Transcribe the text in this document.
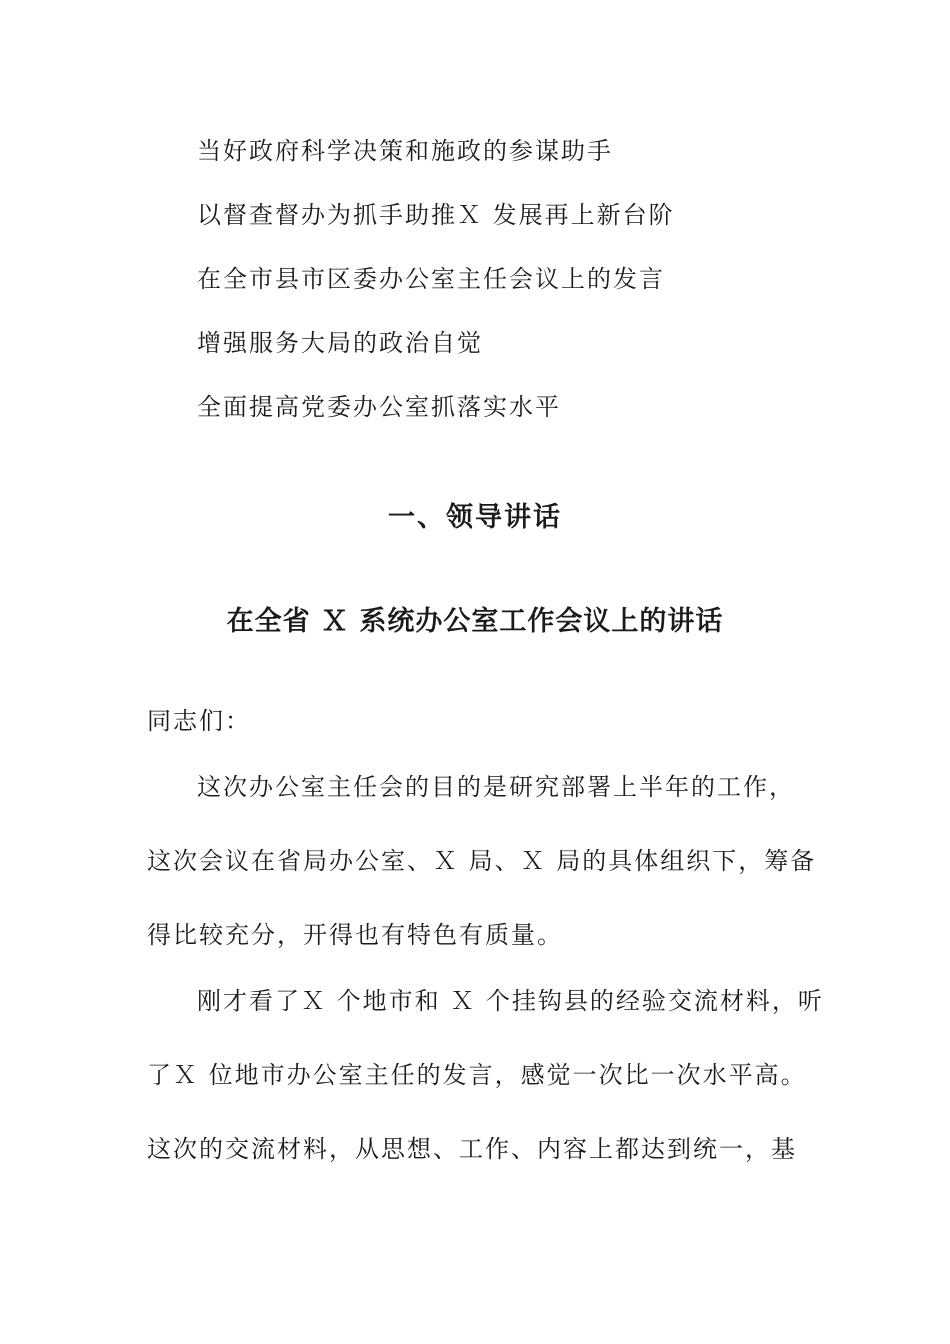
当好政府科学决策和施政的参谋助手
以督查督办为抓手助推Ｘ 发展再上新台阶
在全市县市区委办公室主任会议上的发言
增强服务大局的政治自觉
全面提高党委办公室抓落实水平
一、领导讲话
在全省 Ｘ 系统办公室工作会议上的讲话
同志们：
这次办公室主任会的目的是研究部署上半年的工作，
这次会议在省局办公室、Ｘ 局、Ｘ 局的具体组织下，筹备
得比较充分，开得也有特色有质量。
刚才看了Ｘ 个地市和 Ｘ 个挂钩县的经验交流材料，听
了Ｘ 位地市办公室主任的发言，感觉一次比一次水平高。
这次的交流材料，从思想、工作、内容上都达到统一，基
